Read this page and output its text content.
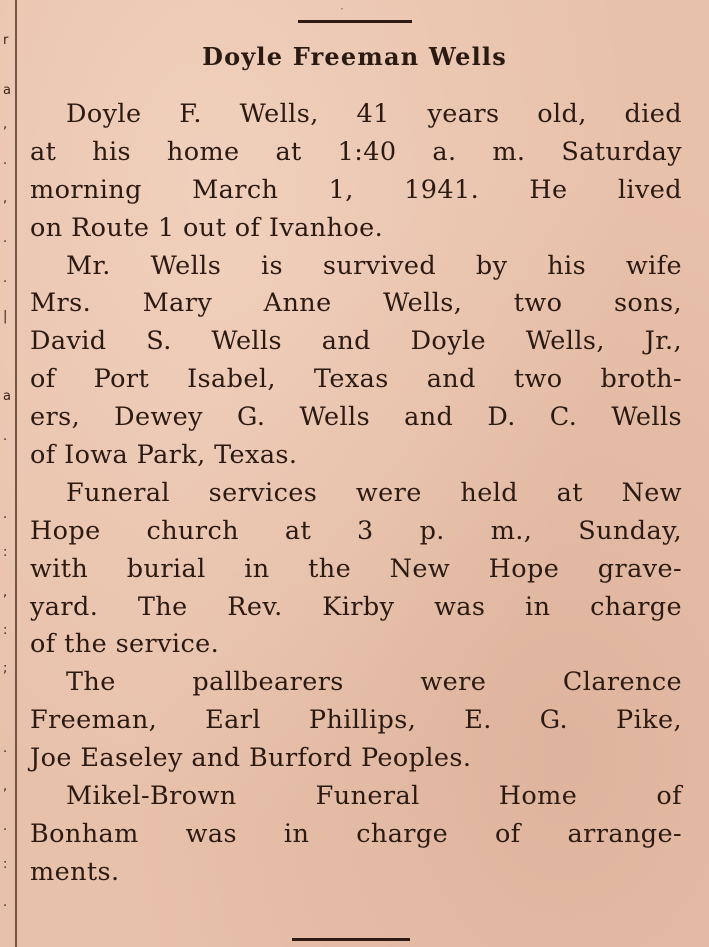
r
a
,
.
,
.
.
|
a
.
.
:
,
:
;
.
,
.
:
.
·
Doyle Freeman Wells

Doyle F. Wells, 41 years old, died
at his home at 1:40 a. m. Saturday
morning March 1, 1941. He lived
on Route 1 out of Ivanhoe.

Mr. Wells is survived by his wife
Mrs. Mary Anne Wells, two sons,
David S. Wells and Doyle Wells, Jr.,
of Port Isabel, Texas and two broth-
ers, Dewey G. Wells and D. C. Wells
of Iowa Park, Texas.

Funeral services were held at New
Hope church at 3 p. m., Sunday,
with burial in the New Hope grave-
yard. The Rev. Kirby was in charge
of the service.

The pallbearers were Clarence
Freeman, Earl Phillips, E. G. Pike,
Joe Easeley and Burford Peoples.

Mikel-Brown Funeral Home of
Bonham was in charge of arrange-
ments.
